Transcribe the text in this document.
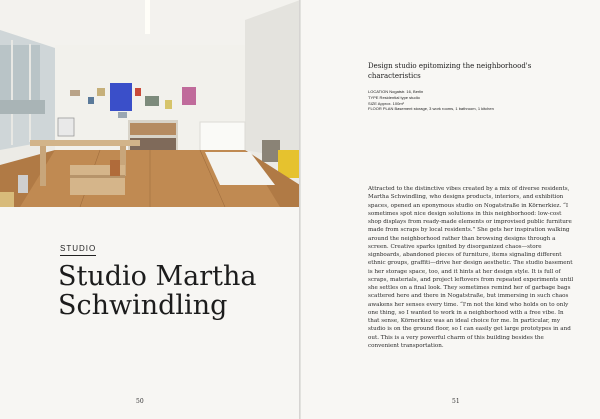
STUDIO
Studio Martha Schwindling
50
Design studio epitomizing the neighborhood's characteristics
LOCATION Nogatstr. 16, Berlin
TYPE Residential type studio
SIZE Approx. 100m²
FLOOR PLAN Basement storage, 3 work rooms, 1 bathroom, 1 kitchen
Attracted to the distinctive vibes created by a mix of diverse residents, Martha Schwindling, who designs products, interiors, and exhibition spaces, opened an eponymous studio on Nogatstraße in Körnerkiez. “I sometimes spot nice design solutions in this neighborhood: low-cost shop displays from ready-made elements or improvised public furniture made from scraps by local residents.” She gets her inspiration walking around the neighborhood rather than browsing designs through a screen. Creative sparks ignited by disorganized chaos—store signboards, abandoned pieces of furniture, items signaling different ethnic groups, graffiti—drive her design aesthetic. The studio basement is her storage space, too, and it hints at her design style. It is full of scraps, materials, and project leftovers from repeated experiments until she settles on a final look. They sometimes remind her of garbage bags scattered here and there in Nogatstraße, but immersing in such chaos awakens her senses every time. “I'm not the kind who holds on to only one thing, so I wanted to work in a neighborhood with a free vibe. In that sense, Körnerkiez was an ideal choice for me. In particular, my studio is on the ground floor, so I can easily get large prototypes in and out. This is a very powerful charm of this building besides the convenient transportation.
51
